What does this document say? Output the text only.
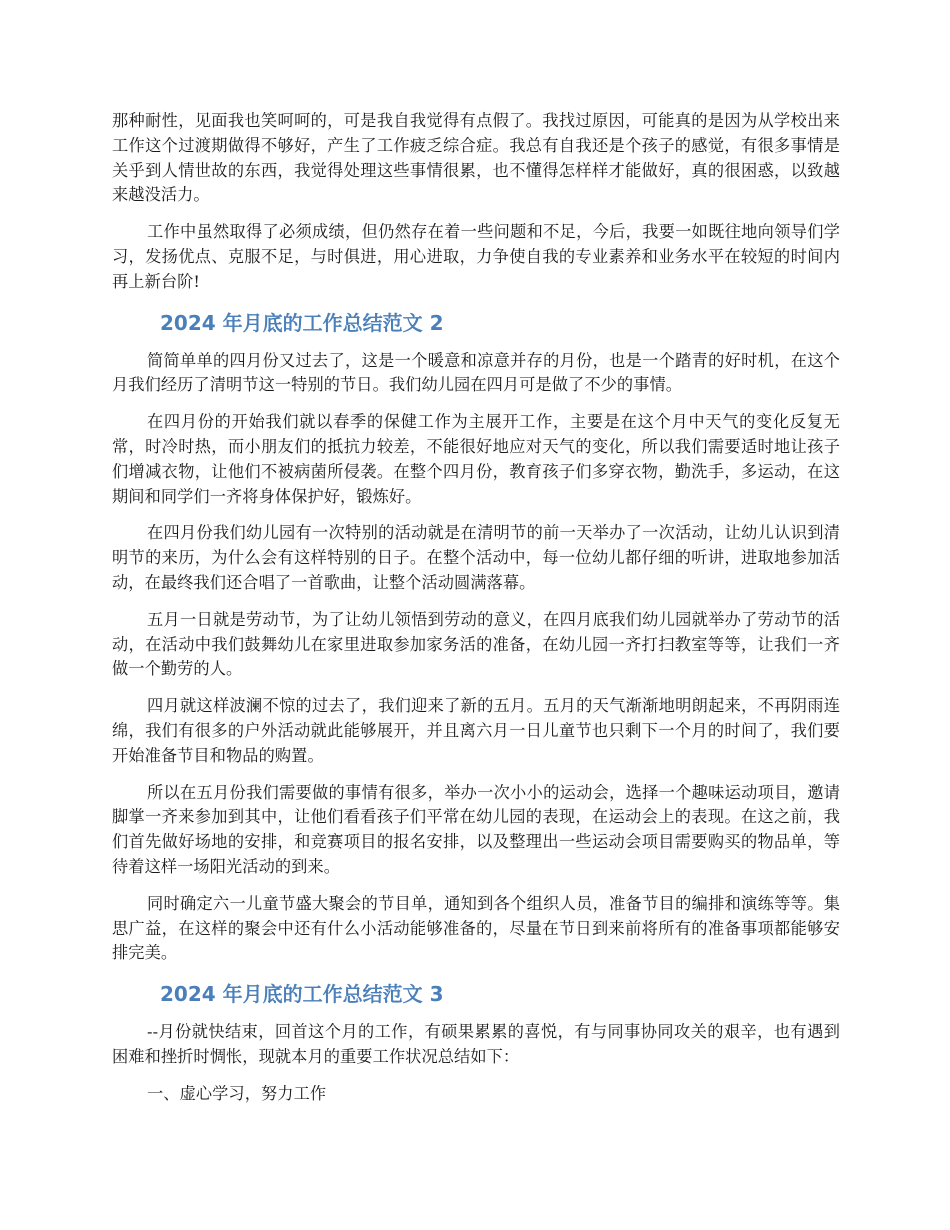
那种耐性，见面我也笑呵呵的，可是我自我觉得有点假了。我找过原因，可能真的是因为从学校出来工作这个过渡期做得不够好，产生了工作疲乏综合症。我总有自我还是个孩子的感觉，有很多事情是关乎到人情世故的东西，我觉得处理这些事情很累，也不懂得怎样样才能做好，真的很困惑，以致越来越没活力。

工作中虽然取得了必须成绩，但仍然存在着一些问题和不足，今后，我要一如既往地向领导们学习，发扬优点、克服不足，与时俱进，用心进取，力争使自我的专业素养和业务水平在较短的时间内再上新台阶!

2024 年月底的工作总结范文 2

简简单单的四月份又过去了，这是一个暖意和凉意并存的月份，也是一个踏青的好时机，在这个月我们经历了清明节这一特别的节日。我们幼儿园在四月可是做了不少的事情。

在四月份的开始我们就以春季的保健工作为主展开工作，主要是在这个月中天气的变化反复无常，时冷时热，而小朋友们的抵抗力较差，不能很好地应对天气的变化，所以我们需要适时地让孩子们增减衣物，让他们不被病菌所侵袭。在整个四月份，教育孩子们多穿衣物，勤洗手，多运动，在这期间和同学们一齐将身体保护好，锻炼好。

在四月份我们幼儿园有一次特别的活动就是在清明节的前一天举办了一次活动，让幼儿认识到清明节的来历，为什么会有这样特别的日子。在整个活动中，每一位幼儿都仔细的听讲，进取地参加活动，在最终我们还合唱了一首歌曲，让整个活动圆满落幕。

五月一日就是劳动节，为了让幼儿领悟到劳动的意义，在四月底我们幼儿园就举办了劳动节的活动，在活动中我们鼓舞幼儿在家里进取参加家务活的准备，在幼儿园一齐打扫教室等等，让我们一齐做一个勤劳的人。

四月就这样波澜不惊的过去了，我们迎来了新的五月。五月的天气渐渐地明朗起来，不再阴雨连绵，我们有很多的户外活动就此能够展开，并且离六月一日儿童节也只剩下一个月的时间了，我们要开始准备节目和物品的购置。

所以在五月份我们需要做的事情有很多，举办一次小小的运动会，选择一个趣味运动项目，邀请脚掌一齐来参加到其中，让他们看看孩子们平常在幼儿园的表现，在运动会上的表现。在这之前，我们首先做好场地的安排，和竞赛项目的报名安排，以及整理出一些运动会项目需要购买的物品单，等待着这样一场阳光活动的到来。

同时确定六一儿童节盛大聚会的节目单，通知到各个组织人员，准备节目的编排和演练等等。集思广益，在这样的聚会中还有什么小活动能够准备的，尽量在节日到来前将所有的准备事项都能够安排完美。

2024 年月底的工作总结范文 3

--月份就快结束，回首这个月的工作，有硕果累累的喜悦，有与同事协同攻关的艰辛，也有遇到困难和挫折时惆怅，现就本月的重要工作状况总结如下：

一、虚心学习，努力工作
